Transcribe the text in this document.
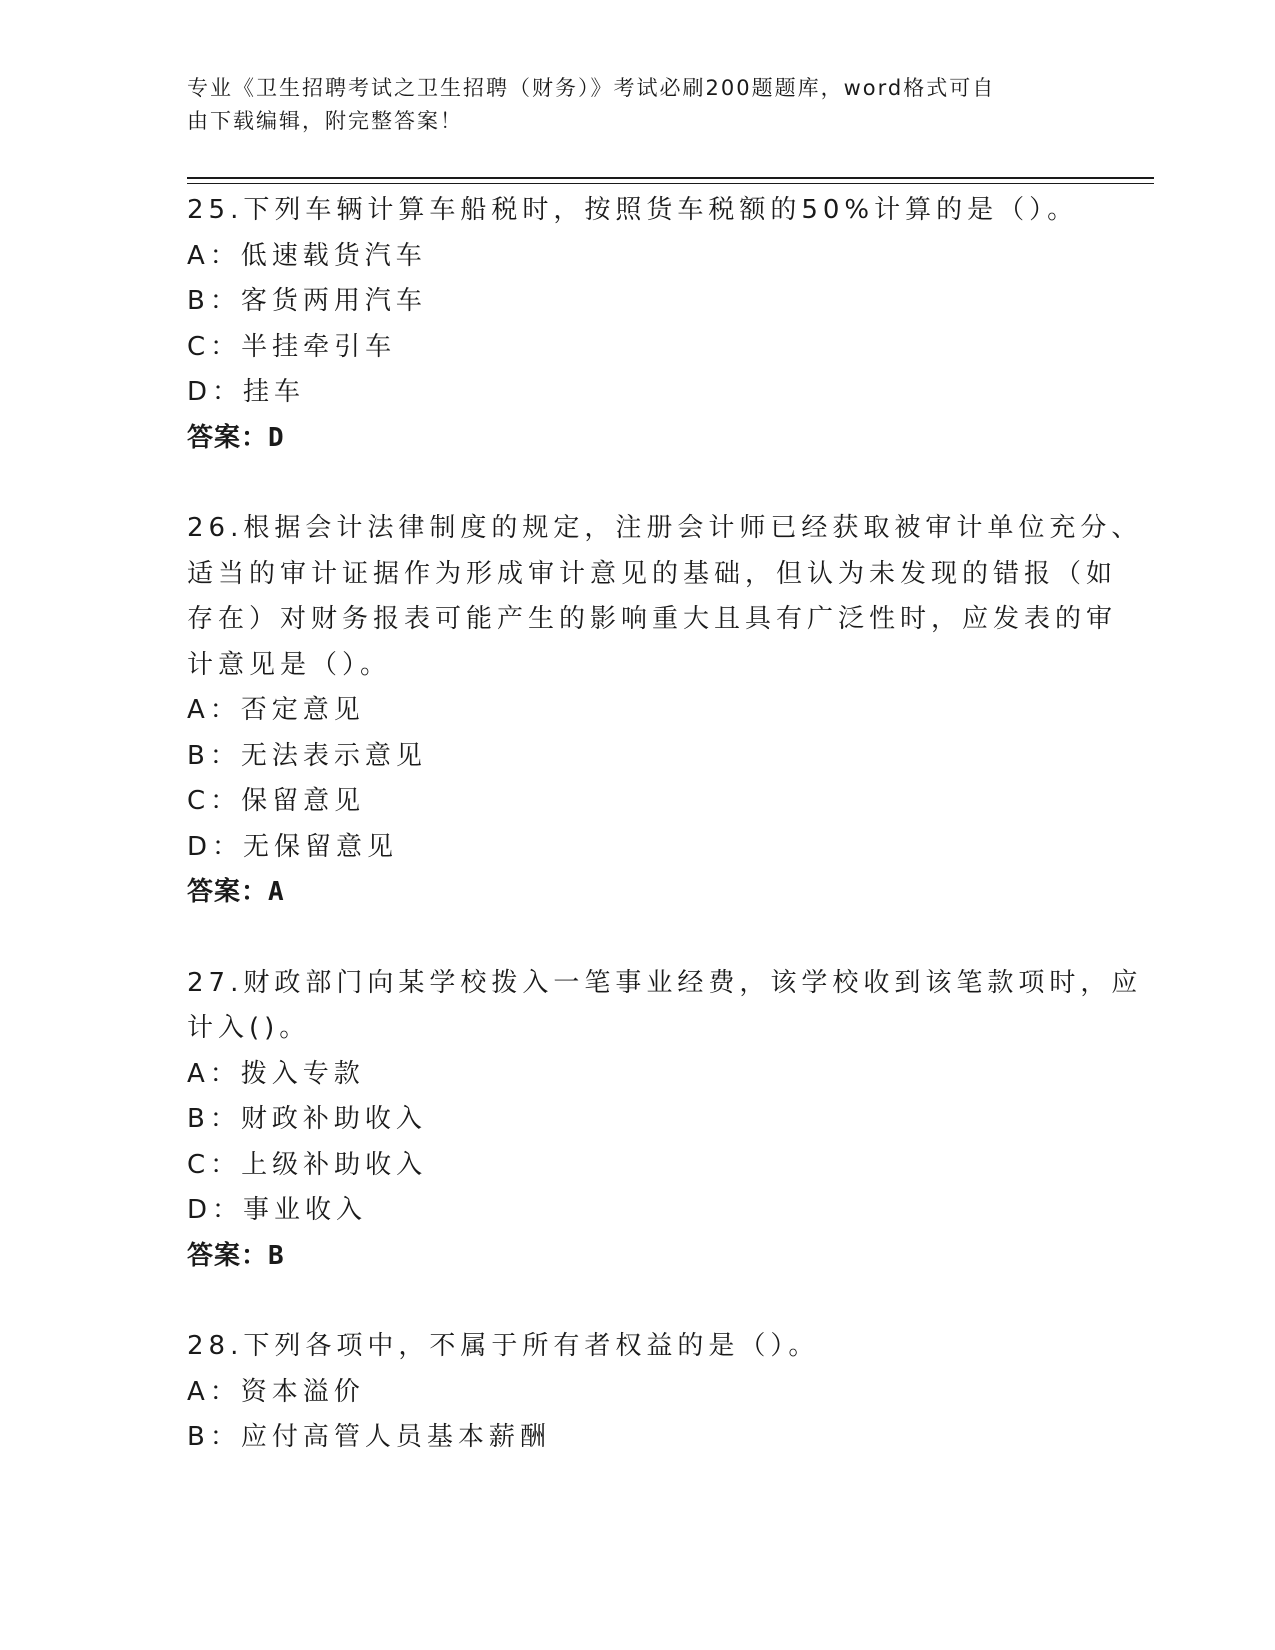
专业《卫生招聘考试之卫生招聘（财务）》考试必刷200题题库，word格式可自
由下载编辑，附完整答案！
25.下列车辆计算车船税时，按照货车税额的50%计算的是（）。
A：低速载货汽车
B：客货两用汽车
C：半挂牵引车
D：挂车
答案：D
26.根据会计法律制度的规定，注册会计师已经获取被审计单位充分、
适当的审计证据作为形成审计意见的基础，但认为未发现的错报（如
存在）对财务报表可能产生的影响重大且具有广泛性时，应发表的审
计意见是（）。
A：否定意见
B：无法表示意见
C：保留意见
D：无保留意见
答案：A
27.财政部门向某学校拨入一笔事业经费，该学校收到该笔款项时，应
计入()。
A：拨入专款
B：财政补助收入
C：上级补助收入
D：事业收入
答案：B
28.下列各项中，不属于所有者权益的是（）。
A：资本溢价
B：应付高管人员基本薪酬
